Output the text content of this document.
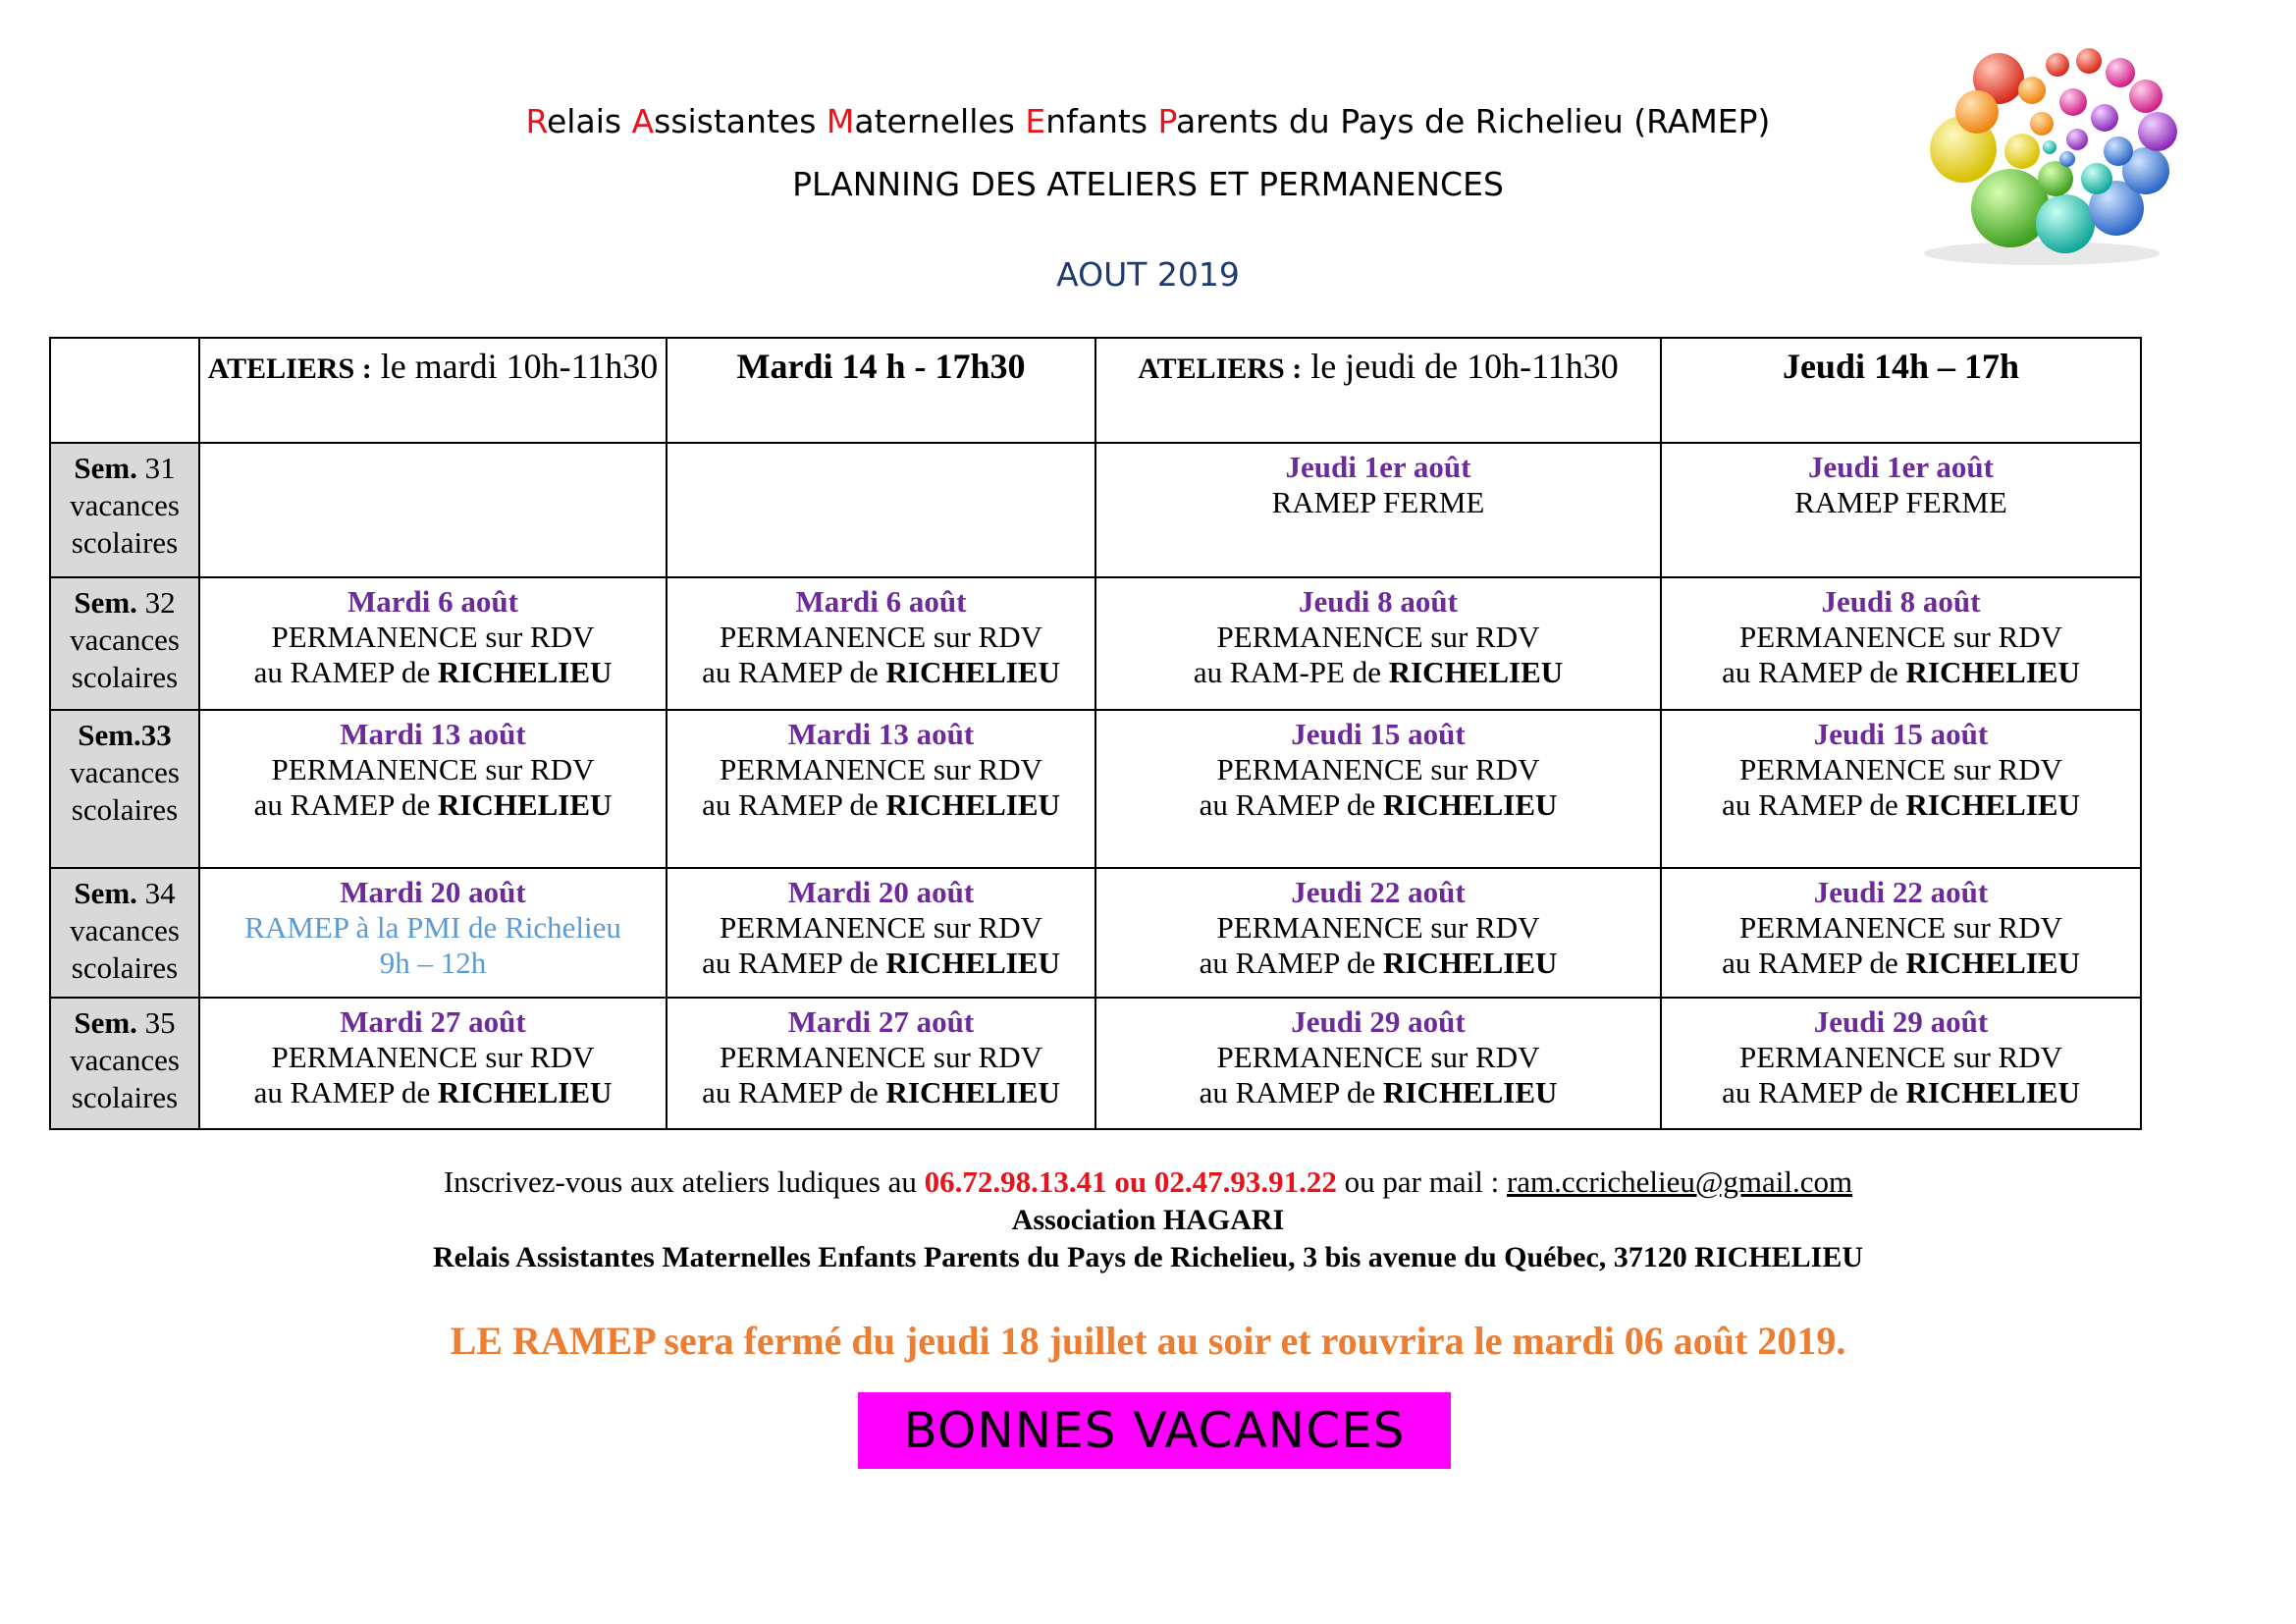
Relais Assistantes Maternelles Enfants Parents du Pays de Richelieu (RAMEP)
PLANNING DES ATELIERS ET PERMANENCES
AOUT 2019
	ATELIERS : le mardi 10h-11h30	Mardi 14 h - 17h30	ATELIERS : le jeudi de 10h-11h30	Jeudi 14h – 17h

Sem. 31
vacances
scolaires			Jeudi 1er août
RAMEP FERME	Jeudi 1er août
RAMEP FERME

Sem. 32
vacances
scolaires	Mardi 6 août
PERMANENCE sur RDV
au RAMEP de RICHELIEU	Mardi 6 août
PERMANENCE sur RDV
au RAMEP de RICHELIEU	Jeudi 8 août
PERMANENCE sur RDV
au RAM-PE de RICHELIEU	Jeudi 8 août
PERMANENCE sur RDV
au RAMEP de RICHELIEU

Sem.33
vacances
scolaires	Mardi 13 août
PERMANENCE sur RDV
au RAMEP de RICHELIEU	Mardi 13 août
PERMANENCE sur RDV
au RAMEP de RICHELIEU	Jeudi 15 août
PERMANENCE sur RDV
au RAMEP de RICHELIEU	Jeudi 15 août
PERMANENCE sur RDV
au RAMEP de RICHELIEU

Sem. 34
vacances
scolaires	Mardi 20 août
RAMEP à la PMI de Richelieu
9h – 12h	Mardi 20 août
PERMANENCE sur RDV
au RAMEP de RICHELIEU	Jeudi 22 août
PERMANENCE sur RDV
au RAMEP de RICHELIEU	Jeudi 22 août
PERMANENCE sur RDV
au RAMEP de RICHELIEU

Sem. 35
vacances
scolaires	Mardi 27 août
PERMANENCE sur RDV
au RAMEP de RICHELIEU	Mardi 27 août
PERMANENCE sur RDV
au RAMEP de RICHELIEU	Jeudi 29 août
PERMANENCE sur RDV
au RAMEP de RICHELIEU	Jeudi 29 août
PERMANENCE sur RDV
au RAMEP de RICHELIEU
Inscrivez-vous aux ateliers ludiques au 06.72.98.13.41 ou 02.47.93.91.22 ou par mail : ram.ccrichelieu@gmail.com
Association HAGARI
Relais Assistantes Maternelles Enfants Parents du Pays de Richelieu, 3 bis avenue du Québec, 37120 RICHELIEU
LE RAMEP sera fermé du jeudi 18 juillet au soir et rouvrira le mardi 06 août 2019.
BONNES VACANCES
